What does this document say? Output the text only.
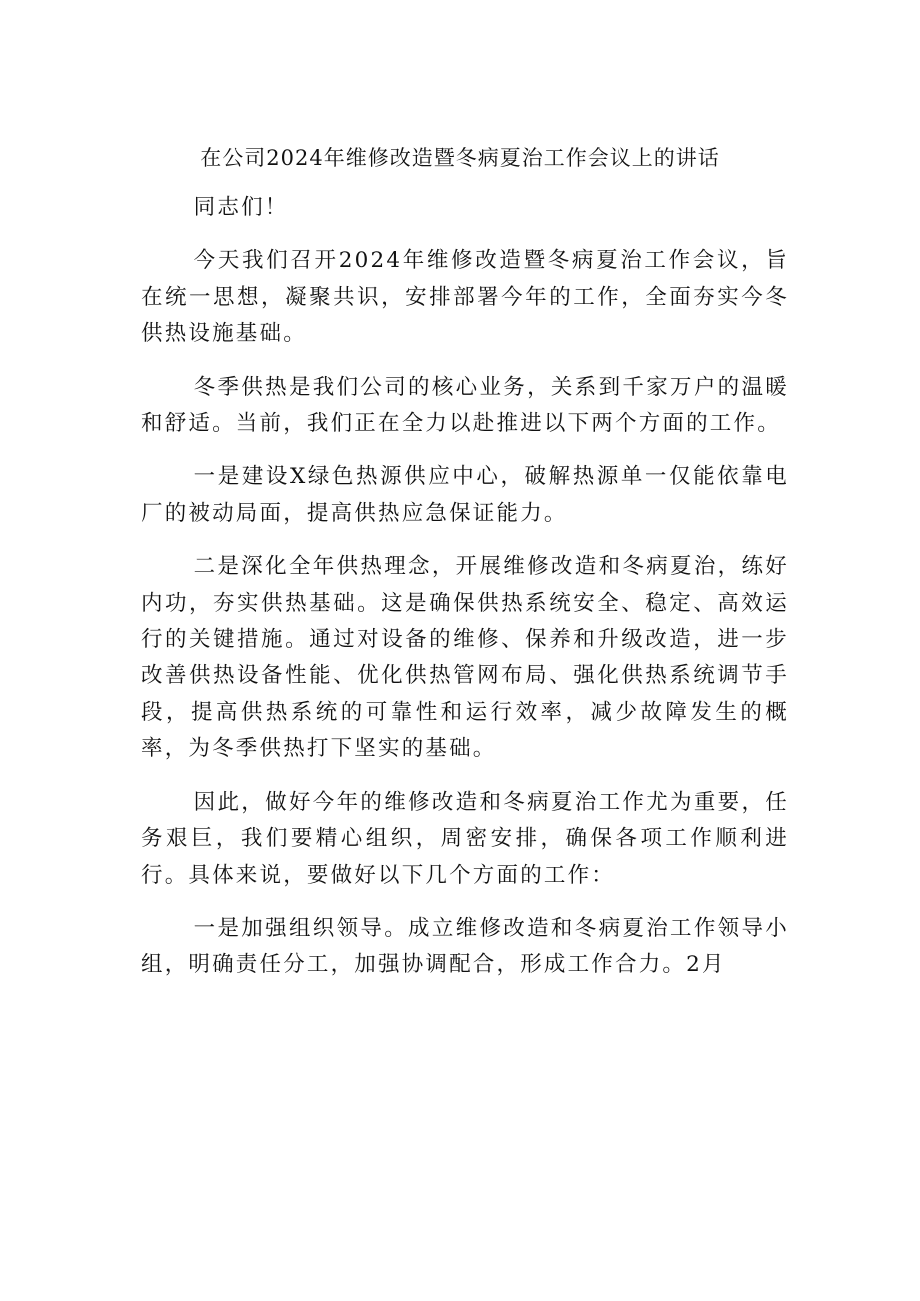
在公司2024年维修改造暨冬病夏治工作会议上的讲话

同志们！

今天我们召开2024年维修改造暨冬病夏治工作会议，旨在统一思想，凝聚共识，安排部署今年的工作，全面夯实今冬供热设施基础。

冬季供热是我们公司的核心业务，关系到千家万户的温暖和舒适。当前，我们正在全力以赴推进以下两个方面的工作。

一是建设X绿色热源供应中心，破解热源单一仅能依靠电厂的被动局面，提高供热应急保证能力。

二是深化全年供热理念，开展维修改造和冬病夏治，练好内功，夯实供热基础。这是确保供热系统安全、稳定、高效运行的关键措施。通过对设备的维修、保养和升级改造，进一步改善供热设备性能、优化供热管网布局、强化供热系统调节手段，提高供热系统的可靠性和运行效率，减少故障发生的概率，为冬季供热打下坚实的基础。

因此，做好今年的维修改造和冬病夏治工作尤为重要，任务艰巨，我们要精心组织，周密安排，确保各项工作顺利进行。具体来说，要做好以下几个方面的工作：

一是加强组织领导。成立维修改造和冬病夏治工作领导小组，明确责任分工，加强协调配合，形成工作合力。2月
